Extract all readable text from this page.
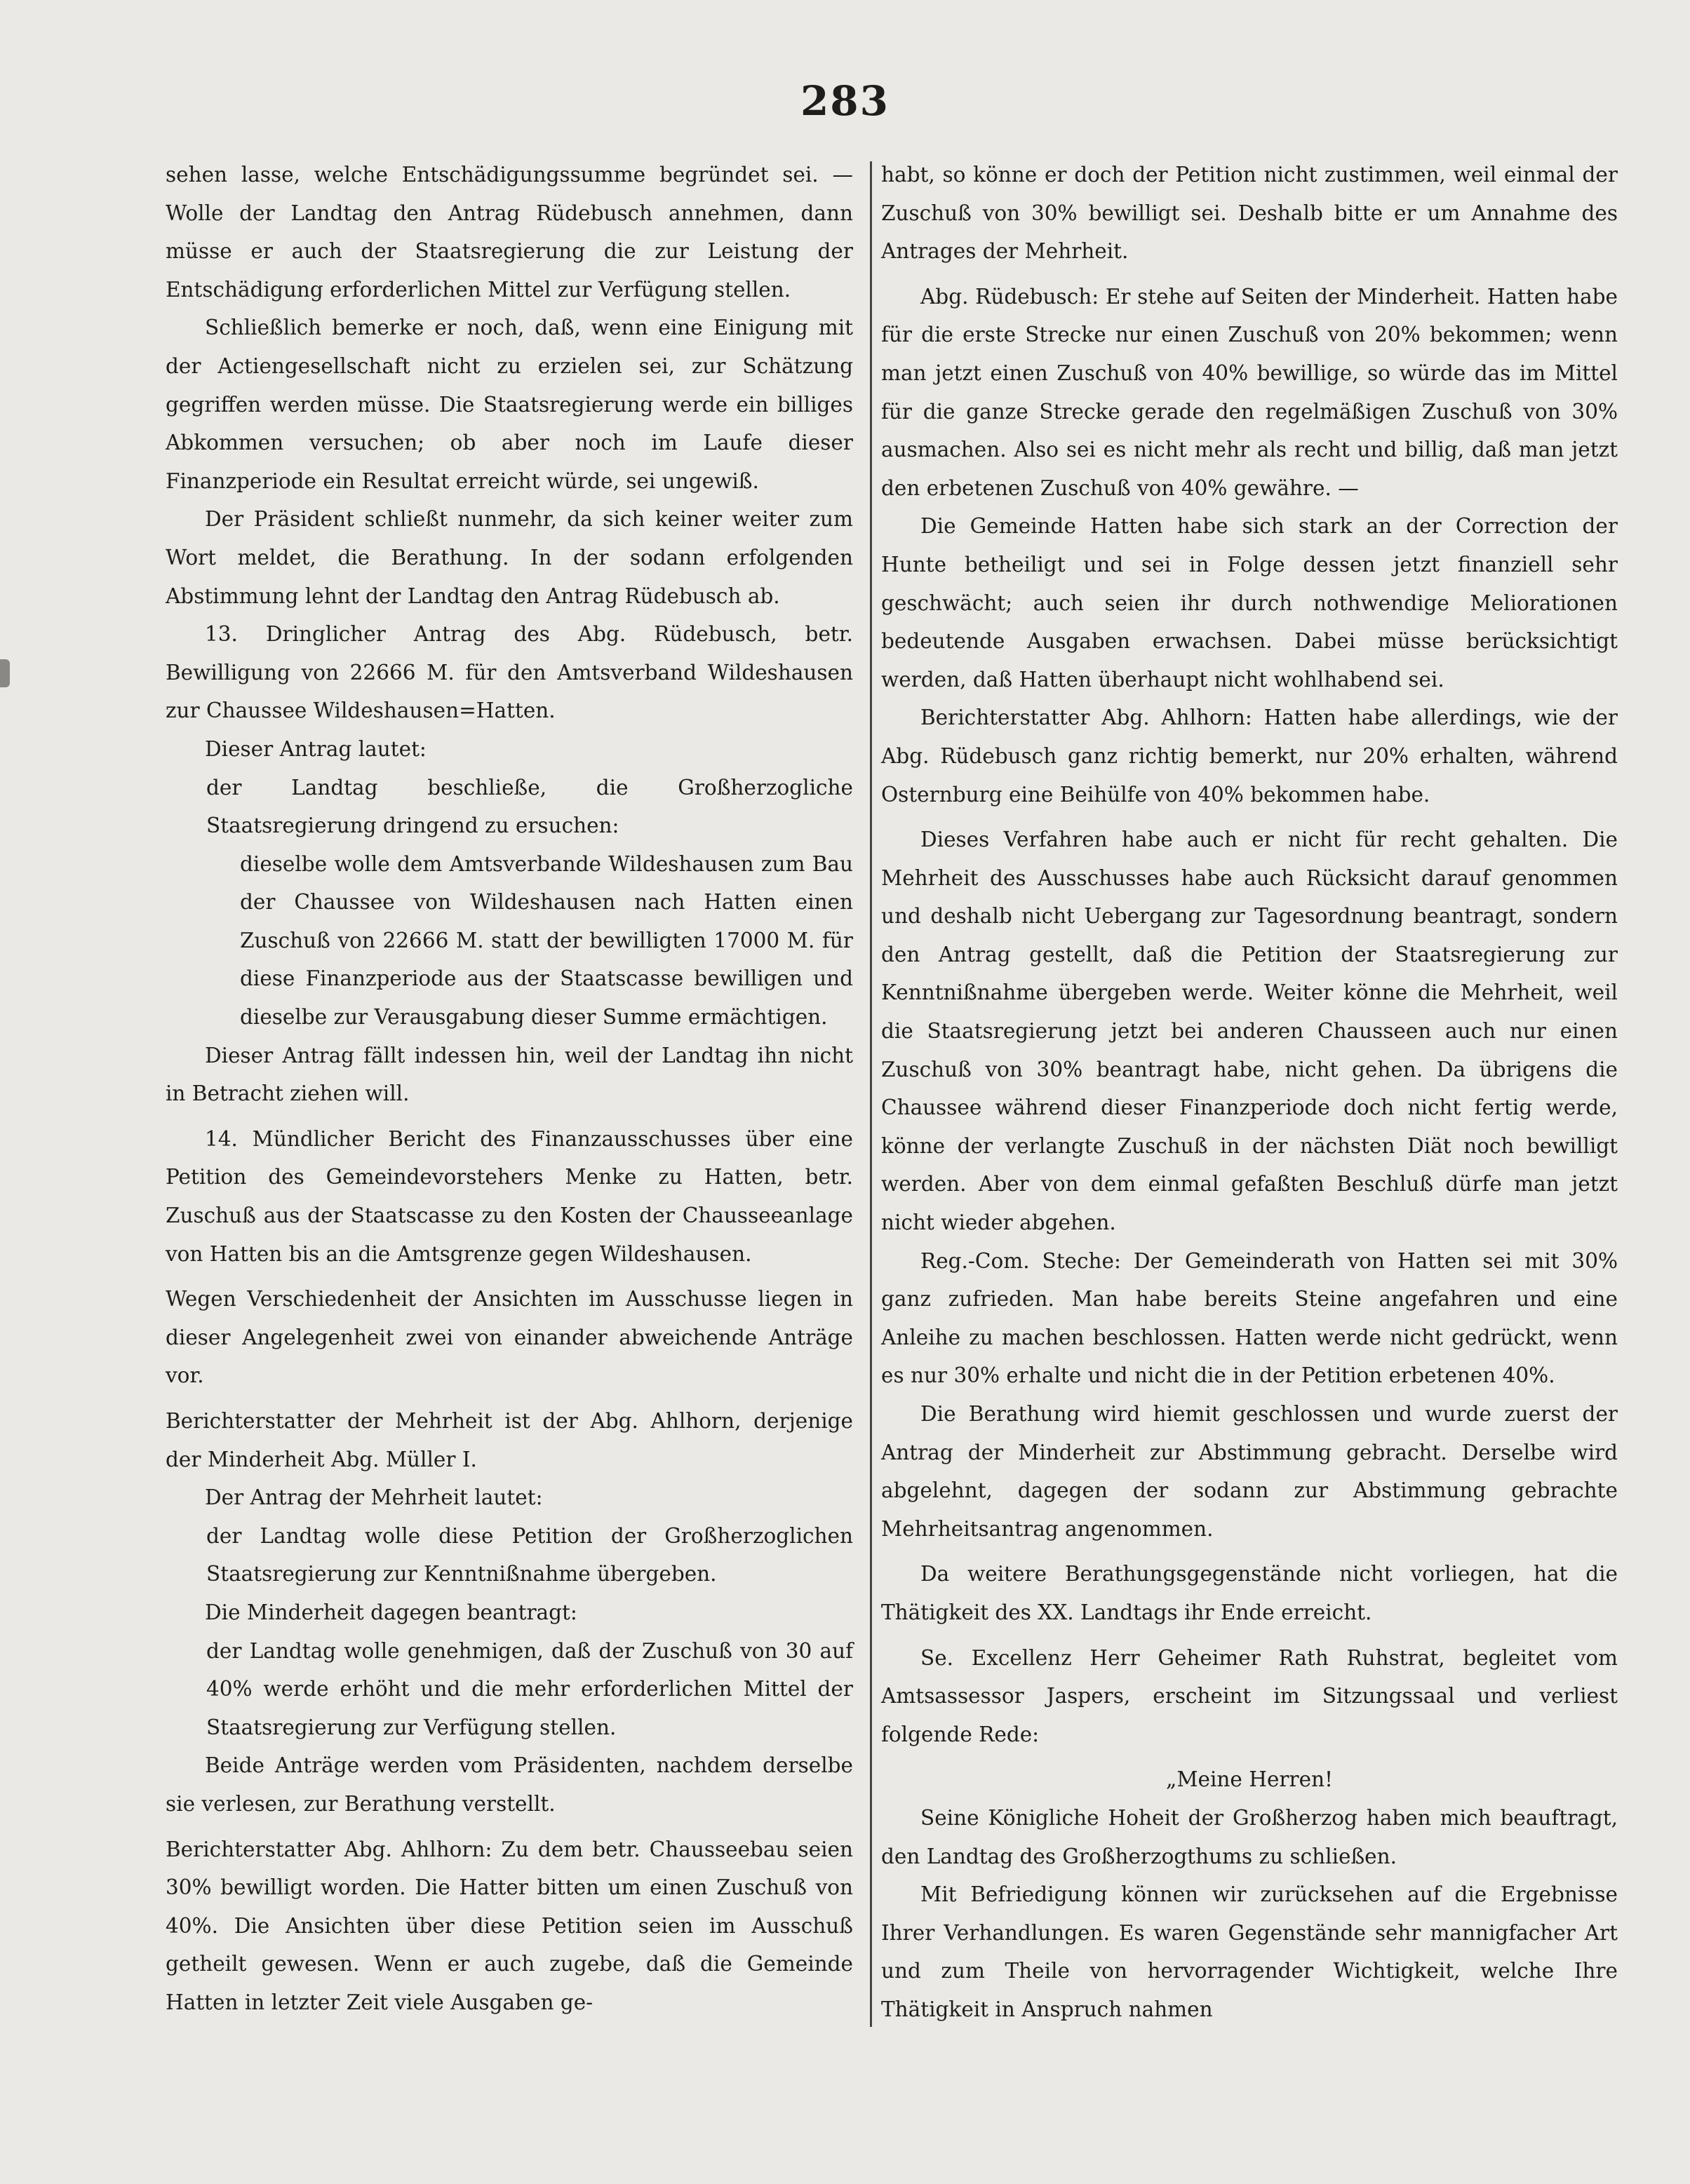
283

sehen lasse, welche Entschädigungssumme begründet sei. — Wolle der Landtag den Antrag Rüdebusch annehmen, dann müsse er auch der Staatsregierung die zur Leistung der Entschädigung erforderlichen Mittel zur Verfügung stellen.

Schließlich bemerke er noch, daß, wenn eine Einigung mit der Actiengesellschaft nicht zu erzielen sei, zur Schätzung gegriffen werden müsse. Die Staatsregierung werde ein billiges Abkommen versuchen; ob aber noch im Laufe dieser Finanzperiode ein Resultat erreicht würde, sei ungewiß.

Der Präsident schließt nunmehr, da sich keiner weiter zum Wort meldet, die Berathung. In der sodann erfolgenden Abstimmung lehnt der Landtag den Antrag Rüdebusch ab.

13. Dringlicher Antrag des Abg. Rüdebusch, betr. Bewilligung von 22666 M. für den Amtsverband Wildeshausen zur Chaussee Wildeshausen=Hatten.

Dieser Antrag lautet:

der Landtag beschließe, die Großherzogliche Staatsregierung dringend zu ersuchen:

dieselbe wolle dem Amtsverbande Wildeshausen zum Bau der Chaussee von Wildeshausen nach Hatten einen Zuschuß von 22666 M. statt der bewilligten 17000 M. für diese Finanzperiode aus der Staatscasse bewilligen und dieselbe zur Verausgabung dieser Summe ermächtigen.

Dieser Antrag fällt indessen hin, weil der Landtag ihn nicht in Betracht ziehen will.

14. Mündlicher Bericht des Finanzausschusses über eine Petition des Gemeindevorstehers Menke zu Hatten, betr. Zuschuß aus der Staatscasse zu den Kosten der Chausseeanlage von Hatten bis an die Amtsgrenze gegen Wildeshausen.

Wegen Verschiedenheit der Ansichten im Ausschusse liegen in dieser Angelegenheit zwei von einander abweichende Anträge vor.

Berichterstatter der Mehrheit ist der Abg. Ahlhorn, derjenige der Minderheit Abg. Müller I.

Der Antrag der Mehrheit lautet:

der Landtag wolle diese Petition der Großherzoglichen Staatsregierung zur Kenntnißnahme übergeben.

Die Minderheit dagegen beantragt:

der Landtag wolle genehmigen, daß der Zuschuß von 30 auf 40% werde erhöht und die mehr erforderlichen Mittel der Staatsregierung zur Verfügung stellen.

Beide Anträge werden vom Präsidenten, nachdem derselbe sie verlesen, zur Berathung verstellt.

Berichterstatter Abg. Ahlhorn: Zu dem betr. Chausseebau seien 30% bewilligt worden. Die Hatter bitten um einen Zuschuß von 40%. Die Ansichten über diese Petition seien im Ausschuß getheilt gewesen. Wenn er auch zugebe, daß die Gemeinde Hatten in letzter Zeit viele Ausgaben ge-

habt, so könne er doch der Petition nicht zustimmen, weil einmal der Zuschuß von 30% bewilligt sei. Deshalb bitte er um Annahme des Antrages der Mehrheit.

Abg. Rüdebusch: Er stehe auf Seiten der Minderheit. Hatten habe für die erste Strecke nur einen Zuschuß von 20% bekommen; wenn man jetzt einen Zuschuß von 40% bewillige, so würde das im Mittel für die ganze Strecke gerade den regelmäßigen Zuschuß von 30% ausmachen. Also sei es nicht mehr als recht und billig, daß man jetzt den erbetenen Zuschuß von 40% gewähre. —

Die Gemeinde Hatten habe sich stark an der Correction der Hunte betheiligt und sei in Folge dessen jetzt finanziell sehr geschwächt; auch seien ihr durch nothwendige Meliorationen bedeutende Ausgaben erwachsen. Dabei müsse berücksichtigt werden, daß Hatten überhaupt nicht wohlhabend sei.

Berichterstatter Abg. Ahlhorn: Hatten habe allerdings, wie der Abg. Rüdebusch ganz richtig bemerkt, nur 20% erhalten, während Osternburg eine Beihülfe von 40% bekommen habe.

Dieses Verfahren habe auch er nicht für recht gehalten. Die Mehrheit des Ausschusses habe auch Rücksicht darauf genommen und deshalb nicht Uebergang zur Tagesordnung beantragt, sondern den Antrag gestellt, daß die Petition der Staatsregierung zur Kenntnißnahme übergeben werde. Weiter könne die Mehrheit, weil die Staatsregierung jetzt bei anderen Chausseen auch nur einen Zuschuß von 30% beantragt habe, nicht gehen. Da übrigens die Chaussee während dieser Finanzperiode doch nicht fertig werde, könne der verlangte Zuschuß in der nächsten Diät noch bewilligt werden. Aber von dem einmal gefaßten Beschluß dürfe man jetzt nicht wieder abgehen.

Reg.-Com. Steche: Der Gemeinderath von Hatten sei mit 30% ganz zufrieden. Man habe bereits Steine angefahren und eine Anleihe zu machen beschlossen. Hatten werde nicht gedrückt, wenn es nur 30% erhalte und nicht die in der Petition erbetenen 40%.

Die Berathung wird hiemit geschlossen und wurde zuerst der Antrag der Minderheit zur Abstimmung gebracht. Derselbe wird abgelehnt, dagegen der sodann zur Abstimmung gebrachte Mehrheitsantrag angenommen.

Da weitere Berathungsgegenstände nicht vorliegen, hat die Thätigkeit des XX. Landtags ihr Ende erreicht.

Se. Excellenz Herr Geheimer Rath Ruhstrat, begleitet vom Amtsassessor Jaspers, erscheint im Sitzungssaal und verliest folgende Rede:

„Meine Herren!

Seine Königliche Hoheit der Großherzog haben mich beauftragt, den Landtag des Großherzogthums zu schließen.

Mit Befriedigung können wir zurücksehen auf die Ergebnisse Ihrer Verhandlungen. Es waren Gegenstände sehr mannigfacher Art und zum Theile von hervorragender Wichtigkeit, welche Ihre Thätigkeit in Anspruch nahmen
